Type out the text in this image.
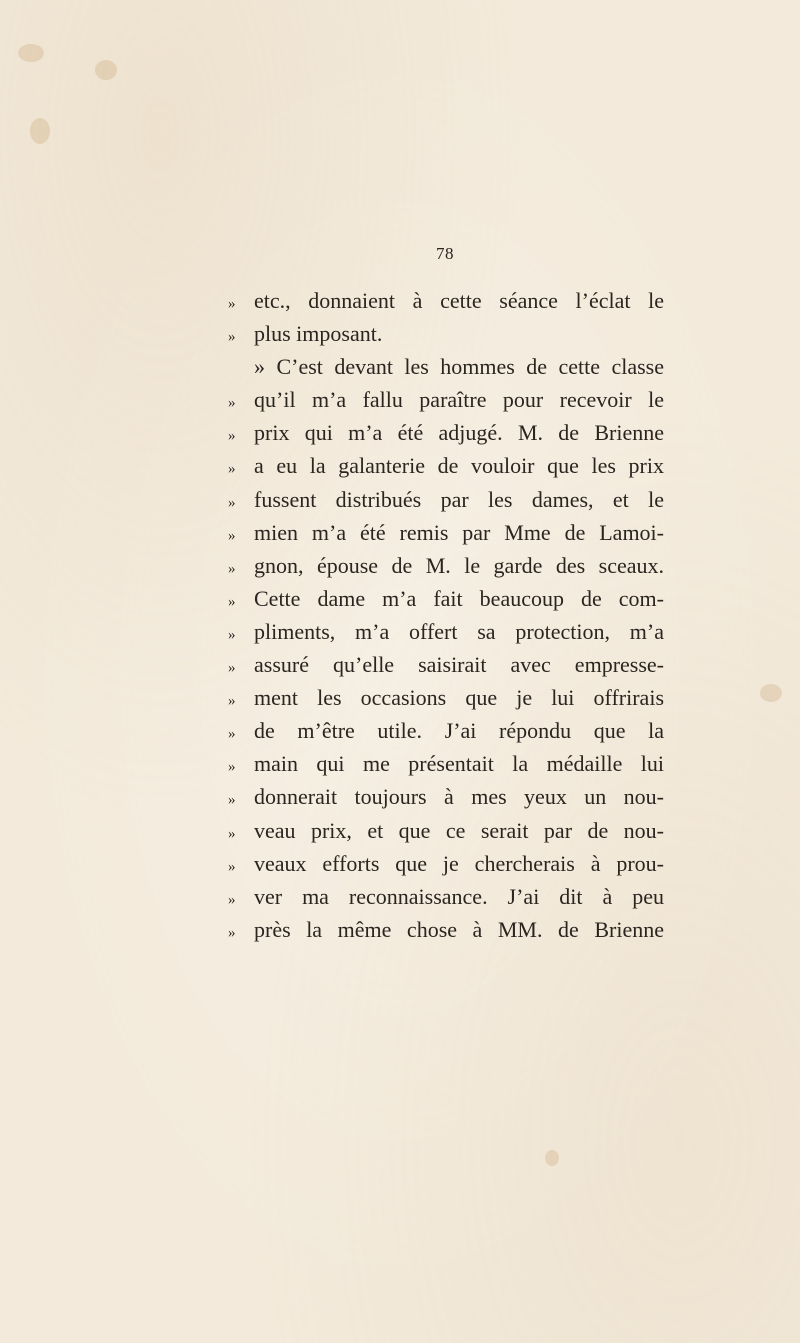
78
» etc., donnaient à cette séance l’éclat le
» plus imposant.
» C’est devant les hommes de cette classe
» qu’il m’a fallu paraître pour recevoir le
» prix qui m’a été adjugé. M. de Brienne
» a eu la galanterie de vouloir que les prix
» fussent distribués par les dames, et le
» mien m’a été remis par Mme de Lamoi-
» gnon, épouse de M. le garde des sceaux.
» Cette dame m’a fait beaucoup de com-
» pliments, m’a offert sa protection, m’a
» assuré qu’elle saisirait avec empresse-
» ment les occasions que je lui offrirais
» de m’être utile. J’ai répondu que la
» main qui me présentait la médaille lui
» donnerait toujours à mes yeux un nou-
» veau prix, et que ce serait par de nou-
» veaux efforts que je chercherais à prou-
» ver ma reconnaissance. J’ai dit à peu
» près la même chose à MM. de Brienne
